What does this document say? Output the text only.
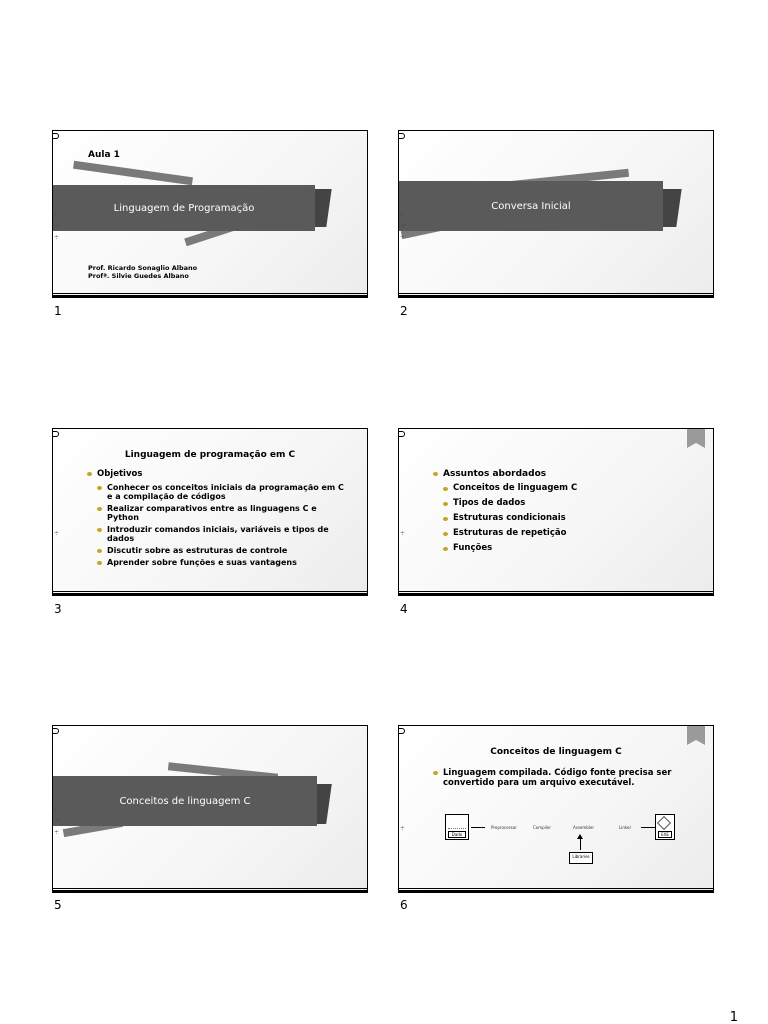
Aula 1
Linguagem de Programação
▶

◀

÷
Prof. Ricardo Sonaglio Albano
Profª. Silvie Guedes Albano
1
Conversa Inicial
▶

◀

÷
2
Linguagem de programação em C
÷
Objetivos
Conhecer os conceitos iniciais da programação em C e a compilação de códigos
Realizar comparativos entre as linguagens C e Python
Introduzir comandos iniciais, variáveis e tipos de dados
Discutir sobre as estruturas de controle
Aprender sobre funções e suas vantagens
3
÷
Assuntos abordados
Conceitos de linguagem C
Tipos de dados
Estruturas condicionais
Estruturas de repetição
Funções
4
Conceitos de linguagem C
▶

◀

÷
5
Conceitos de linguagem C
÷
Linguagem compilada. Código fonte precisa ser convertido para um arquivo executável.
Dado
Preprocessor	Compiler	Assembler	Linker
EXE
Libraries
6
1
